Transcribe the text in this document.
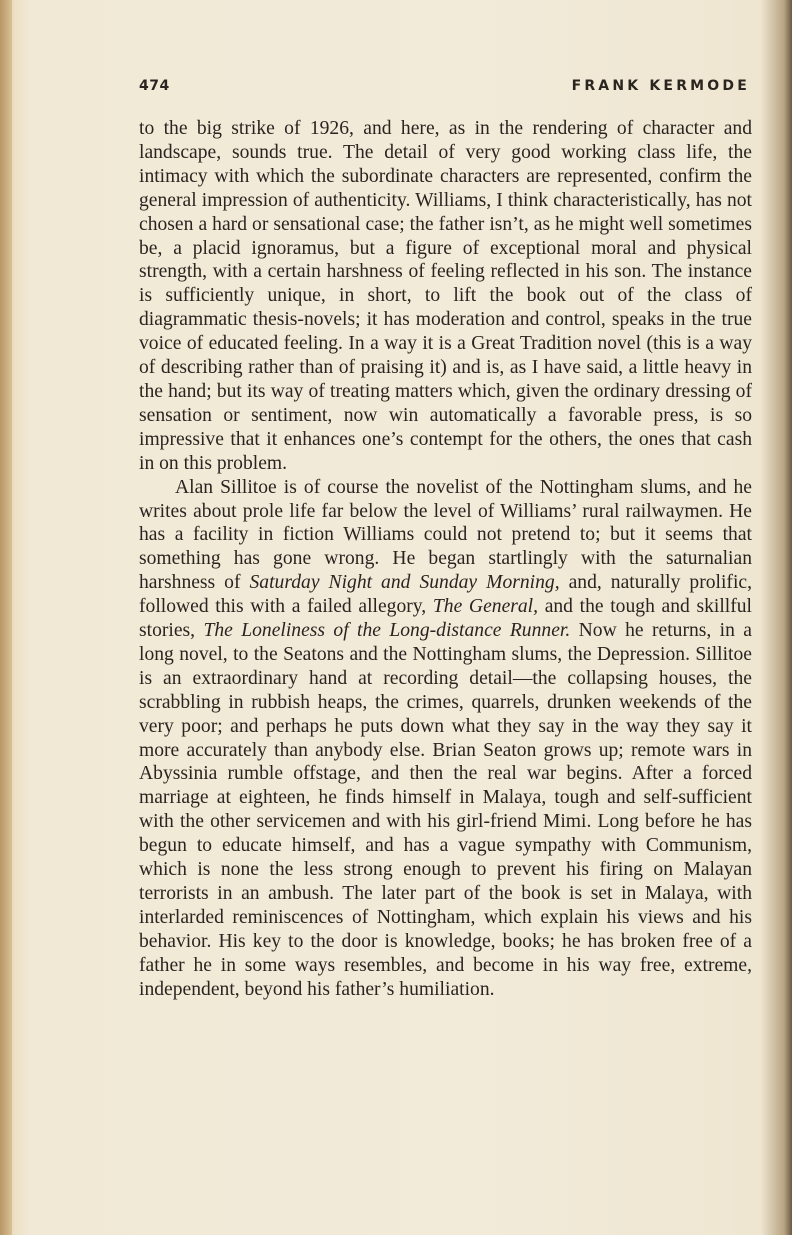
474	FRANK KERMODE

to the big strike of 1926, and here, as in the rendering of character and landscape, sounds true. The detail of very good working class life, the intimacy with which the subordinate characters are represented, confirm the general impression of authenticity. Williams, I think characteristically, has not chosen a hard or sensational case; the father isn’t, as he might well sometimes be, a placid ignoramus, but a figure of exceptional moral and physical strength, with a certain harshness of feeling reflected in his son. The instance is sufficiently unique, in short, to lift the book out of the class of diagrammatic thesis-novels; it has moderation and control, speaks in the true voice of educated feeling. In a way it is a Great Tradition novel (this is a way of describing rather than of praising it) and is, as I have said, a little heavy in the hand; but its way of treating matters which, given the ordinary dressing of sensation or sentiment, now win automatically a favorable press, is so impressive that it enhances one’s contempt for the others, the ones that cash in on this problem.

Alan Sillitoe is of course the novelist of the Nottingham slums, and he writes about prole life far below the level of Williams’ rural railwaymen. He has a facility in fiction Williams could not pretend to; but it seems that something has gone wrong. He began startlingly with the saturnalian harshness of Saturday Night and Sunday Morning, and, naturally prolific, followed this with a failed allegory, The General, and the tough and skillful stories, The Loneliness of the Long-distance Runner. Now he returns, in a long novel, to the Seatons and the Nottingham slums, the Depression. Sillitoe is an extraordinary hand at recording detail—the collapsing houses, the scrabbling in rubbish heaps, the crimes, quarrels, drunken weekends of the very poor; and perhaps he puts down what they say in the way they say it more accurately than anybody else. Brian Seaton grows up; remote wars in Abyssinia rumble offstage, and then the real war begins. After a forced marriage at eighteen, he finds himself in Malaya, tough and self-sufficient with the other servicemen and with his girl-friend Mimi. Long before he has begun to educate himself, and has a vague sympathy with Communism, which is none the less strong enough to prevent his firing on Malayan terrorists in an ambush. The later part of the book is set in Malaya, with interlarded reminiscences of Nottingham, which explain his views and his behavior. His key to the door is knowledge, books; he has broken free of a father he in some ways resembles, and become in his way free, extreme, independent, beyond his father’s humiliation.
